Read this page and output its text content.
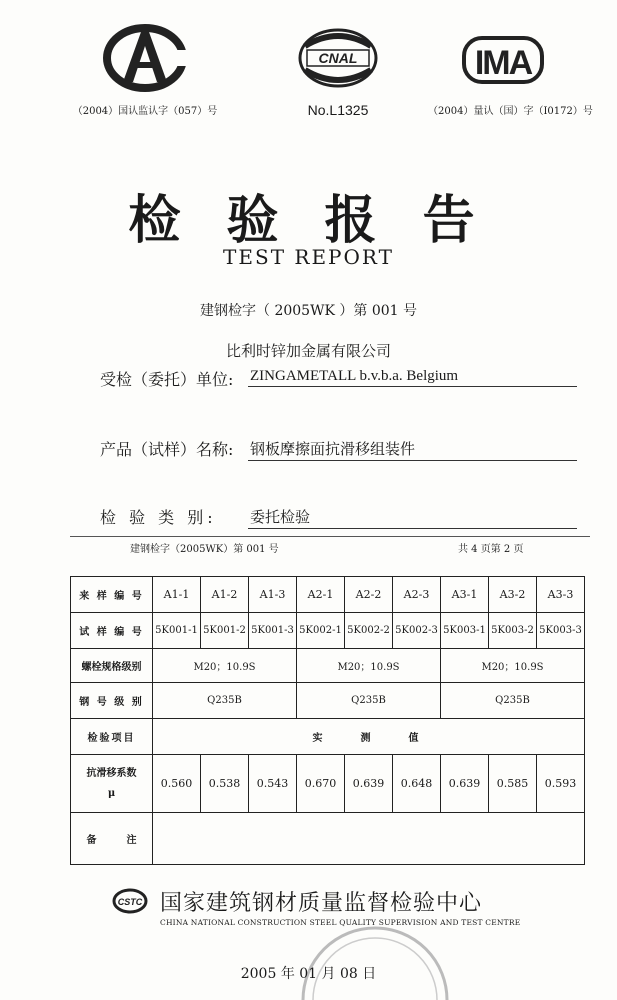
（2004）国认监认字（057）号
CNAL
No.L1325
IMA
（2004）量认（国）字（I0172）号
检 验 报 告
TEST REPORT
建钢检字（ 2005WK ）第 001 号
比利时锌加金属有限公司
受检（委托）单位: ZINGAMETALL b.v.b.a. Belgium
产品（试样）名称: 钢板摩擦面抗滑移组装件
检 验 类 别: 委托检验
建钢检字（2005WK）第 001 号	共 4 页第 2 页
来 样 编 号	A1-1	A1-2	A1-3	A2-1	A2-2	A2-3	A3-1	A3-2	A3-3
试 样 编 号	5K001-1	5K001-2	5K001-3	5K002-1	5K002-2	5K002-3	5K003-1	5K003-2	5K003-3
螺栓规格级别	M20；10.9S			M20；10.9S			M20；10.9S		
钢 号 级 别	Q235B			Q235B			Q235B		
检验项目	实　　测　　值								
抗滑移系数
μ	0.560	0.538	0.543	0.670	0.639	0.648	0.639	0.585	0.593
备　　　注									
CSTC 国家建筑钢材质量监督检验中心
CHINA NATIONAL CONSTRUCTION STEEL QUALITY SUPERVISION AND TEST CENTRE
2005 年 01 月 08 日
